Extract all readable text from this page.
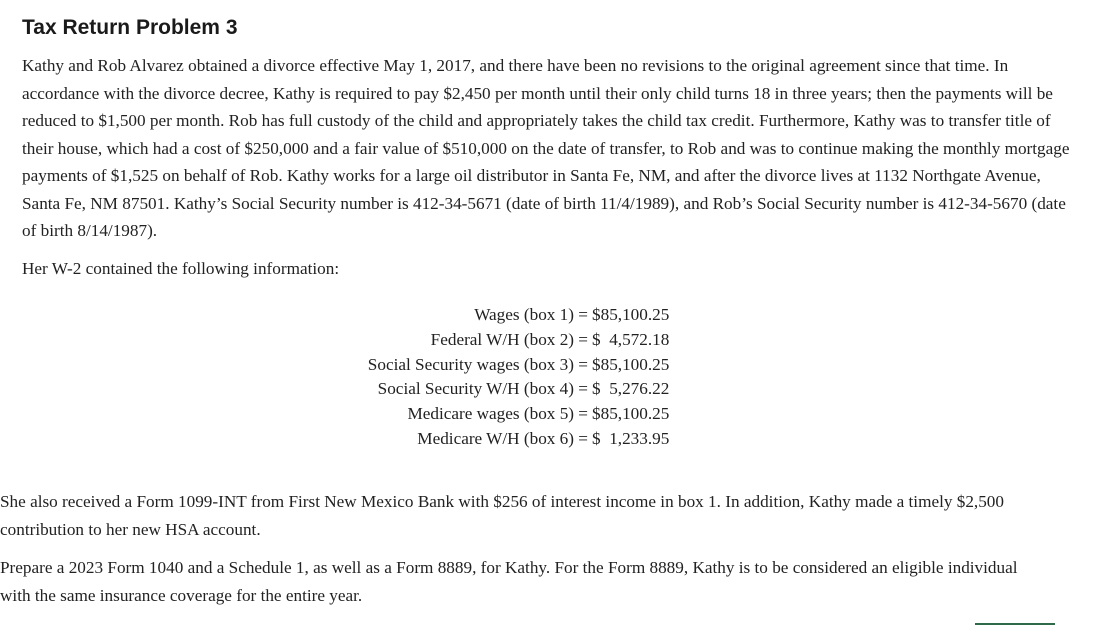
Tax Return Problem 3

Kathy and Rob Alvarez obtained a divorce effective May 1, 2017, and there have been no revisions to the original agreement since that time. In accordance with the divorce decree, Kathy is required to pay $2,450 per month until their only child turns 18 in three years; then the payments will be reduced to $1,500 per month. Rob has full custody of the child and appropriately takes the child tax credit. Furthermore, Kathy was to transfer title of their house, which had a cost of $250,000 and a fair value of $510,000 on the date of transfer, to Rob and was to continue making the monthly mortgage payments of $1,525 on behalf of Rob. Kathy works for a large oil distributor in Santa Fe, NM, and after the divorce lives at 1132 Northgate Avenue, Santa Fe, NM 87501. Kathy’s Social Security number is 412-34-5671 (date of birth 11/4/1989), and Rob’s Social Security number is 412-34-5670 (date of birth 8/14/1987).

Her W-2 contained the following information:

Wages (box 1) = $85,100.25
Federal W/H (box 2) = $  4,572.18
Social Security wages (box 3) = $85,100.25
Social Security W/H (box 4) = $  5,276.22
Medicare wages (box 5) = $85,100.25
Medicare W/H (box 6) = $  1,233.95

She also received a Form 1099-INT from First New Mexico Bank with $256 of interest income in box 1. In addition, Kathy made a timely $2,500 contribution to her new HSA account.

Prepare a 2023 Form 1040 and a Schedule 1, as well as a Form 8889, for Kathy. For the Form 8889, Kathy is to be considered an eligible individual with the same insurance coverage for the entire year.
